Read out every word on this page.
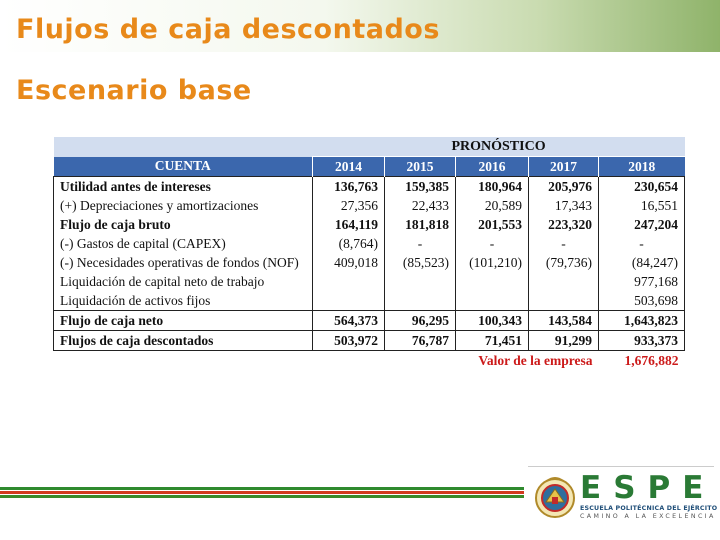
Flujos de caja descontados
Escenario base
	PRONÓSTICO				
CUENTA	2014	2015	2016	2017	2018
Utilidad antes de intereses	136,763	159,385	180,964	205,976	230,654
(+) Depreciaciones y amortizaciones	27,356	22,433	20,589	17,343	16,551
Flujo de caja bruto	164,119	181,818	201,553	223,320	247,204
(-) Gastos de capital (CAPEX)	(8,764)	-	-	-	-
(-) Necesidades operativas de fondos (NOF)	409,018	(85,523)	(101,210)	(79,736)	(84,247)
Liquidación de capital neto de trabajo					977,168
Liquidación de activos fijos					503,698
Flujo de caja neto	564,373	96,295	100,343	143,584	1,643,823
Flujos de caja descontados	503,972	76,787	71,451	91,299	933,373
		Valor de la empresa			1,676,882
ESPE
ESCUELA POLITÉCNICA DEL EJÉRCITO
CAMINO A LA EXCELENCIA
